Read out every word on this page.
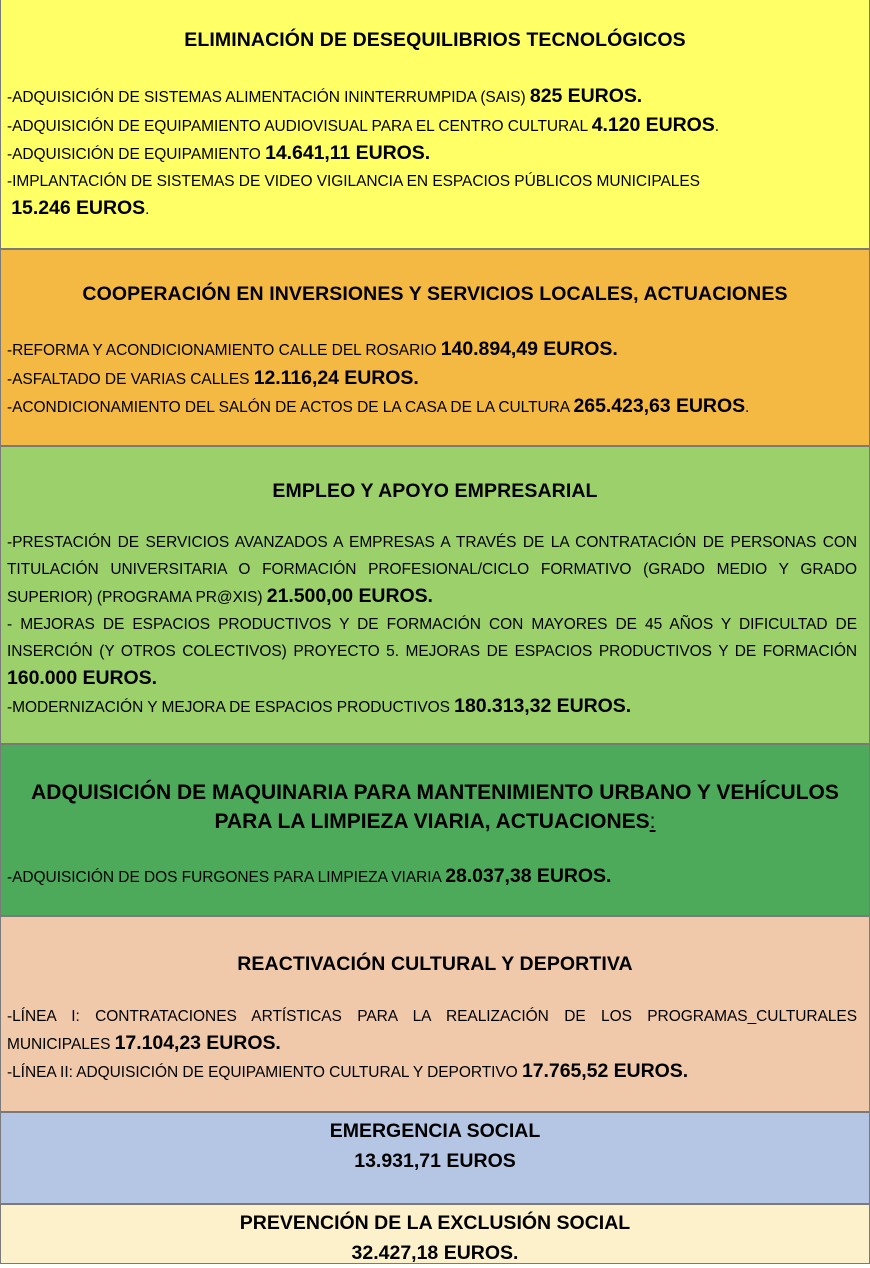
ELIMINACIÓN DE DESEQUILIBRIOS TECNOLÓGICOS
-ADQUISICIÓN DE SISTEMAS ALIMENTACIÓN ININTERRUMPIDA (SAIS) 825 EUROS.
-ADQUISICIÓN DE EQUIPAMIENTO AUDIOVISUAL PARA EL CENTRO CULTURAL 4.120 EUROS.
-ADQUISICIÓN DE EQUIPAMIENTO 14.641,11 EUROS.
-IMPLANTACIÓN DE SISTEMAS DE VIDEO VIGILANCIA EN ESPACIOS PÚBLICOS MUNICIPALES
15.246 EUROS.
COOPERACIÓN EN INVERSIONES Y SERVICIOS LOCALES, ACTUACIONES
-REFORMA Y ACONDICIONAMIENTO CALLE DEL ROSARIO 140.894,49 EUROS.
-ASFALTADO DE VARIAS CALLES 12.116,24 EUROS.
-ACONDICIONAMIENTO DEL SALÓN DE ACTOS DE LA CASA DE LA CULTURA 265.423,63 EUROS.
EMPLEO Y APOYO EMPRESARIAL
-PRESTACIÓN DE SERVICIOS AVANZADOS A EMPRESAS A TRAVÉS DE LA CONTRATACIÓN DE PERSONAS CON TITULACIÓN UNIVERSITARIA O FORMACIÓN PROFESIONAL/CICLO FORMATIVO (GRADO MEDIO Y GRADO SUPERIOR) (PROGRAMA PR@XIS) 21.500,00 EUROS.
- MEJORAS DE ESPACIOS PRODUCTIVOS Y DE FORMACIÓN CON MAYORES DE 45 AÑOS Y DIFICULTAD DE INSERCIÓN (Y OTROS COLECTIVOS) PROYECTO 5. MEJORAS DE ESPACIOS PRODUCTIVOS Y DE FORMACIÓN 160.000 EUROS.
-MODERNIZACIÓN Y MEJORA DE ESPACIOS PRODUCTIVOS 180.313,32 EUROS.
ADQUISICIÓN DE MAQUINARIA PARA MANTENIMIENTO URBANO Y VEHÍCULOS
PARA LA LIMPIEZA VIARIA, ACTUACIONES:
-ADQUISICIÓN DE DOS FURGONES PARA LIMPIEZA VIARIA 28.037,38 EUROS.
REACTIVACIÓN CULTURAL Y DEPORTIVA
-LÍNEA I: CONTRATACIONES ARTÍSTICAS PARA LA REALIZACIÓN DE LOS PROGRAMAS_CULTURALES MUNICIPALES 17.104,23 EUROS.
-LÍNEA II: ADQUISICIÓN DE EQUIPAMIENTO CULTURAL Y DEPORTIVO 17.765,52 EUROS.
EMERGENCIA SOCIAL
13.931,71 EUROS
PREVENCIÓN DE LA EXCLUSIÓN SOCIAL
32.427,18 EUROS.
